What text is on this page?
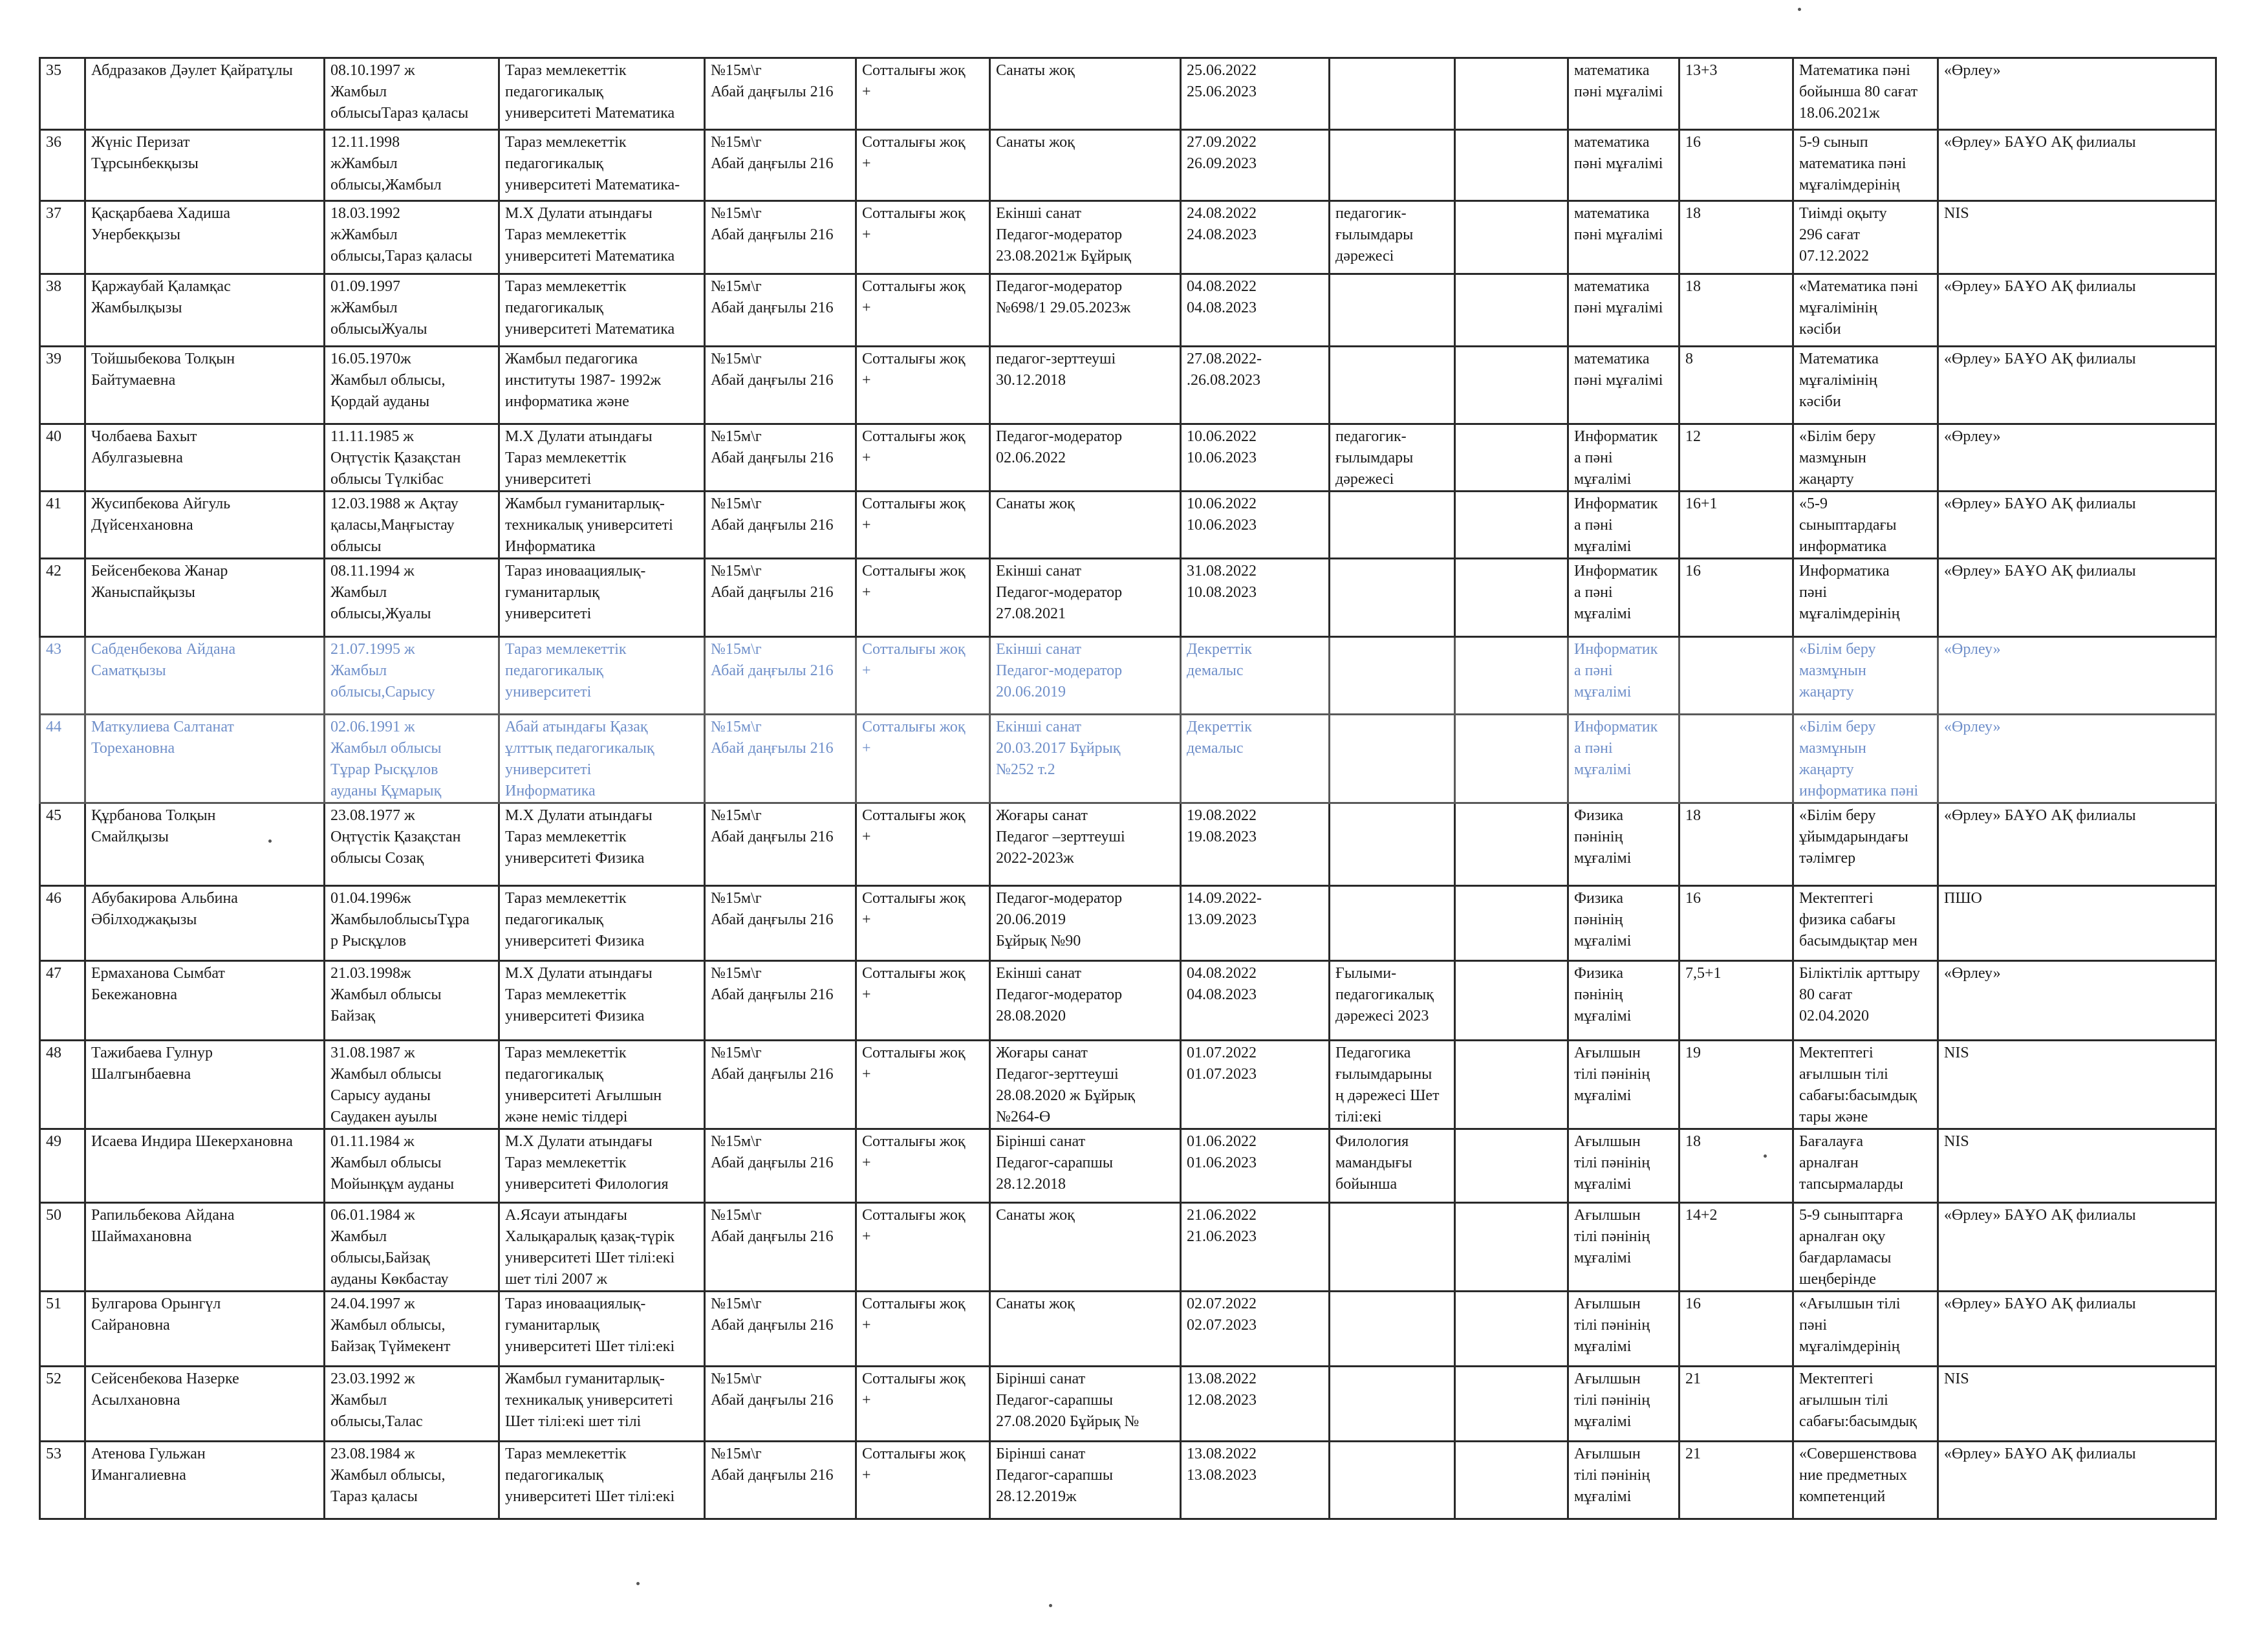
35	Абдразаков Дәулет Қайратұлы	08.10.1997 ж
Жамбыл
облысыТараз қаласы	Тараз мемлекеттік
педагогикалық
университеті Математика	№15м\г
Абай даңғылы 216	Сотталығы жоқ
+	Санаты жоқ	25.06.2022
25.06.2023			математика
пәні мұғалімі	13+3	Математика пәні
бойынша 80 сағат
18.06.2021ж	«Өрлеу»
36	Жүніс Перизат
Тұрсынбекқызы	12.11.1998
жЖамбыл
облысы,Жамбыл	Тараз мемлекеттік
педагогикалық
университеті Математика-	№15м\г
Абай даңғылы 216	Сотталығы жоқ
+	Санаты жоқ	27.09.2022
26.09.2023			математика
пәні мұғалімі	16	5-9 сынып
математика пәні
мұғалімдерінің	«Өрлеу» БАҰО АҚ филиалы
37	Қасқарбаева Хадиша
Унербекқызы	18.03.1992
жЖамбыл
облысы,Тараз қаласы	М.Х Дулати атындағы
Тараз мемлекеттік
университеті Математика	№15м\г
Абай даңғылы 216	Сотталығы жоқ
+	Екінші санат
Педагог-модератор
23.08.2021ж Бұйрық	24.08.2022
24.08.2023	педагогик-
ғылымдары
дәрежесі		математика
пәні мұғалімі	18	Тиімді оқыту
296 сағат
07.12.2022	NIS
38	Қаржаубай Қаламқас
Жамбылқызы	01.09.1997
жЖамбыл
облысыЖуалы	Тараз мемлекеттік
педагогикалық
университеті Математика	№15м\г
Абай даңғылы 216	Сотталығы жоқ
+	Педагог-модератор
№698/1 29.05.2023ж	04.08.2022
04.08.2023			математика
пәні мұғалімі	18	«Математика пәні
мұғалімінің
кәсіби	«Өрлеу» БАҰО АҚ филиалы
39	Тойшыбекова Толқын
Байтумаевна	16.05.1970ж
Жамбыл облысы,
Қордай ауданы	Жамбыл педагогика
институты 1987- 1992ж
информатика және	№15м\г
Абай даңғылы 216	Сотталығы жоқ
+	педагог-зерттеуші
30.12.2018	27.08.2022-
.26.08.2023			математика
пәні мұғалімі	8	Математика
мұғалімінің
кәсіби	«Өрлеу» БАҰО АҚ филиалы
40	Чолбаева Бахыт
Абулгазыевна	11.11.1985 ж
Оңтүстік Қазақстан
облысы Түлкібас	М.Х Дулати атындағы
Тараз мемлекеттік
университеті	№15м\г
Абай даңғылы 216	Сотталығы жоқ
+	Педагог-модератор
02.06.2022	10.06.2022
10.06.2023	педагогик-
ғылымдары
дәрежесі		Информатик
а пәні
мұғалімі	12	«Білім беру
мазмұнын
жаңарту	«Өрлеу»
41	Жусипбекова Айгуль
Дүйсенхановна	12.03.1988 ж Ақтау
қаласы,Маңғыстау
облысы	Жамбыл гуманитарлық-
техникалық университеті
Информатика	№15м\г
Абай даңғылы 216	Сотталығы жоқ
+	Санаты жоқ	10.06.2022
10.06.2023			Информатик
а пәні
мұғалімі	16+1	«5-9
сыныптардағы
информатика	«Өрлеу» БАҰО АҚ филиалы
42	Бейсенбекова Жанар
Жаныспайқызы	08.11.1994 ж
Жамбыл
облысы,Жуалы	Тараз иноваациялық-
гуманитарлық
университеті	№15м\г
Абай даңғылы 216	Сотталығы жоқ
+	Екінші санат
Педагог-модератор
27.08.2021	31.08.2022
10.08.2023			Информатик
а пәні
мұғалімі	16	Информатика
пәні
мұғалімдерінің	«Өрлеу» БАҰО АҚ филиалы
43	Сабденбекова Айдана
Саматқызы	21.07.1995 ж
Жамбыл
облысы,Сарысу	Тараз мемлекеттік
педагогикалық
университеті	№15м\г
Абай даңғылы 216	Сотталығы жоқ
+	Екінші санат
Педагог-модератор
20.06.2019	Декреттік
демалыс			Информатик
а пәні
мұғалімі		«Білім беру
мазмұнын
жаңарту	«Өрлеу»
44	Маткулиева Салтанат
Торехановна	02.06.1991 ж
Жамбыл облысы
Тұрар Рысқұлов
ауданы Құмарық	Абай атындағы Қазақ
ұлттық педагогикалық
университеті
Информатика	№15м\г
Абай даңғылы 216	Сотталығы жоқ
+	Екінші санат
20.03.2017 Бұйрық
№252 т.2	Декреттік
демалыс			Информатик
а пәні
мұғалімі		«Білім беру
мазмұнын
жаңарту
информатика пәні	«Өрлеу»
45	Құрбанова Толқын
Смайлқызы	23.08.1977 ж
Оңтүстік Қазақстан
облысы Созақ	М.Х Дулати атындағы
Тараз мемлекеттік
университеті Физика	№15м\г
Абай даңғылы 216	Сотталығы жоқ
+	Жоғары санат
Педагог –зерттеуші
2022-2023ж	19.08.2022
19.08.2023			Физика
пәнінің
мұғалімі	18	«Білім беру
ұйымдарындағы
тәлімгер	«Өрлеу» БАҰО АҚ филиалы
46	Абубакирова Альбина
Әбілходжақызы	01.04.1996ж
ЖамбылоблысыТұра
р Рысқұлов	Тараз мемлекеттік
педагогикалық
университеті Физика	№15м\г
Абай даңғылы 216	Сотталығы жоқ
+	Педагог-модератор
20.06.2019
Бұйрық №90	14.09.2022-
13.09.2023			Физика
пәнінің
мұғалімі	16	Мектептегі
физика сабағы
басымдықтар мен	ПШО
47	Ермаханова Сымбат
Бекежановна	21.03.1998ж
Жамбыл облысы
Байзақ	М.Х Дулати атындағы
Тараз мемлекеттік
университеті Физика	№15м\г
Абай даңғылы 216	Сотталығы жоқ
+	Екінші санат
Педагог-модератор
28.08.2020	04.08.2022
04.08.2023	Ғылыми-
педагогикалық
дәрежесі 2023		Физика
пәнінің
мұғалімі	7,5+1	Біліктілік арттыру
80 сағат
02.04.2020	«Өрлеу»
48	Тажибаева Гулнур
Шалгынбаевна	31.08.1987 ж
Жамбыл облысы
Сарысу ауданы
Саудакен ауылы	Тараз мемлекеттік
педагогикалық
университеті Ағылшын
және неміс тілдері	№15м\г
Абай даңғылы 216	Сотталығы жоқ
+	Жоғары санат
Педагог-зерттеуші
28.08.2020 ж Бұйрық
№264-Ө	01.07.2022
01.07.2023	Педагогика
ғылымдарыны
ң дәрежесі Шет
тілі:екі		Ағылшын
тілі пәнінің
мұғалімі	19	Мектептегі
ағылшын тілі
сабағы:басымдық
тары және	NIS
49	Исаева Индира Шекерхановна	01.11.1984 ж
Жамбыл облысы
Мойынқұм ауданы	М.Х Дулати атындағы
Тараз мемлекеттік
университеті Филология	№15м\г
Абай даңғылы 216	Сотталығы жоқ
+	Бірінші санат
Педагог-сарапшы
28.12.2018	01.06.2022
01.06.2023	Филология
мамандығы
бойынша		Ағылшын
тілі пәнінің
мұғалімі	18	Бағалауға
арналған
тапсырмаларды	NIS
50	Рапильбекова Айдана
Шаймахановна	06.01.1984 ж
Жамбыл
облысы,Байзақ
ауданы Көкбастау	А.Ясауи атындағы
Халықаралық қазақ-түрік
университеті Шет тілі:екі
шет тілі 2007 ж	№15м\г
Абай даңғылы 216	Сотталығы жоқ
+	Санаты жоқ	21.06.2022
21.06.2023			Ағылшын
тілі пәнінің
мұғалімі	14+2	5-9 сыныптарға
арналған оқу
бағдарламасы
шеңберінде	«Өрлеу» БАҰО АҚ филиалы
51	Булгарова Орынгүл
Сайрановна	24.04.1997 ж
Жамбыл облысы,
Байзақ Түймекент	Тараз иноваациялық-
гуманитарлық
университеті Шет тілі:екі	№15м\г
Абай даңғылы 216	Сотталығы жоқ
+	Санаты жоқ	02.07.2022
02.07.2023			Ағылшын
тілі пәнінің
мұғалімі	16	«Ағылшын тілі
пәні
мұғалімдерінің	«Өрлеу» БАҰО АҚ филиалы
52	Сейсенбекова Назерке
Асылхановна	23.03.1992 ж
Жамбыл
облысы,Талас	Жамбыл гуманитарлық-
техникалық университеті
Шет тілі:екі шет тілі	№15м\г
Абай даңғылы 216	Сотталығы жоқ
+	Бірінші санат
Педагог-сарапшы
27.08.2020 Бұйрық №	13.08.2022
12.08.2023			Ағылшын
тілі пәнінің
мұғалімі	21	Мектептегі
ағылшын тілі
сабағы:басымдық	NIS
53	Атенова Гульжан
Имангалиевна	23.08.1984 ж
Жамбыл облысы,
Тараз қаласы	Тараз мемлекеттік
педагогикалық
университеті Шет тілі:екі	№15м\г
Абай даңғылы 216	Сотталығы жоқ
+	Бірінші санат
Педагог-сарапшы
28.12.2019ж	13.08.2022
13.08.2023			Ағылшын
тілі пәнінің
мұғалімі	21	«Совершенствова
ние предметных
компетенций	«Өрлеу» БАҰО АҚ филиалы
